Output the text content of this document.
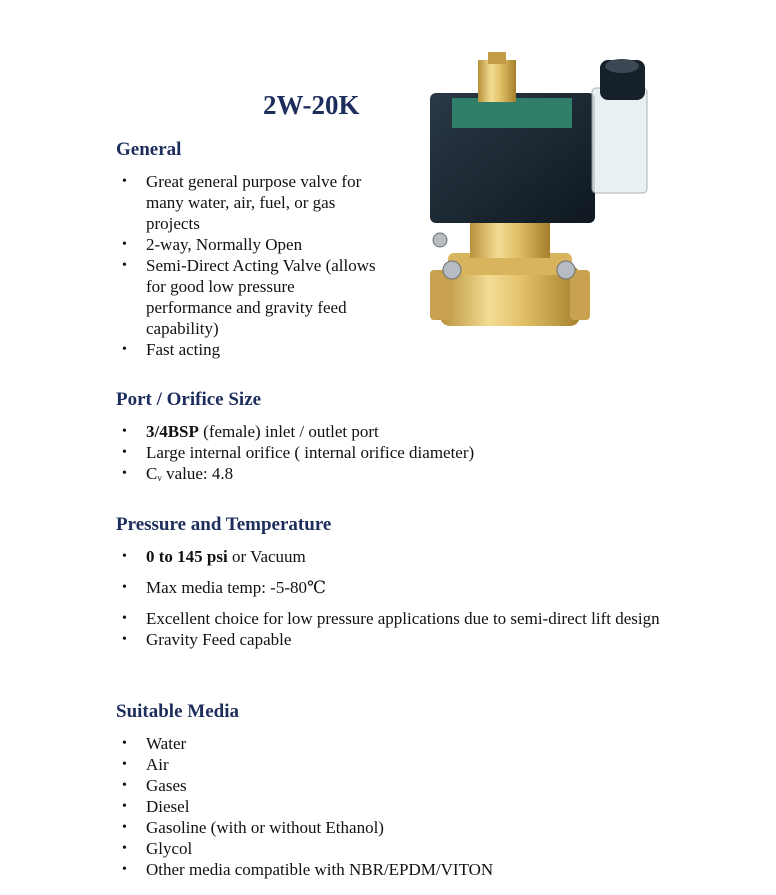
2W-20K
General
• Great general purpose valve for many water, air, fuel, or gas projects
• 2-way, Normally Open
• Semi-Direct Acting Valve (allows for good low pressure performance and gravity feed capability)
• Fast acting
Port / Orifice Size
• 3/4BSP (female) inlet / outlet port
• Large internal orifice ( internal orifice diameter)
• $C_v$ value: 4.8
Pressure and Temperature
• 0 to 145 psi or Vacuum
• Max media temp: -5-80℃
• Excellent choice for low pressure applications due to semi-direct lift design
• Gravity Feed capable
Suitable Media
• Water
• Air
• Gases
• Diesel
• Gasoline (with or without Ethanol)
• Glycol
• Other media compatible with NBR/EPDM/VITON
